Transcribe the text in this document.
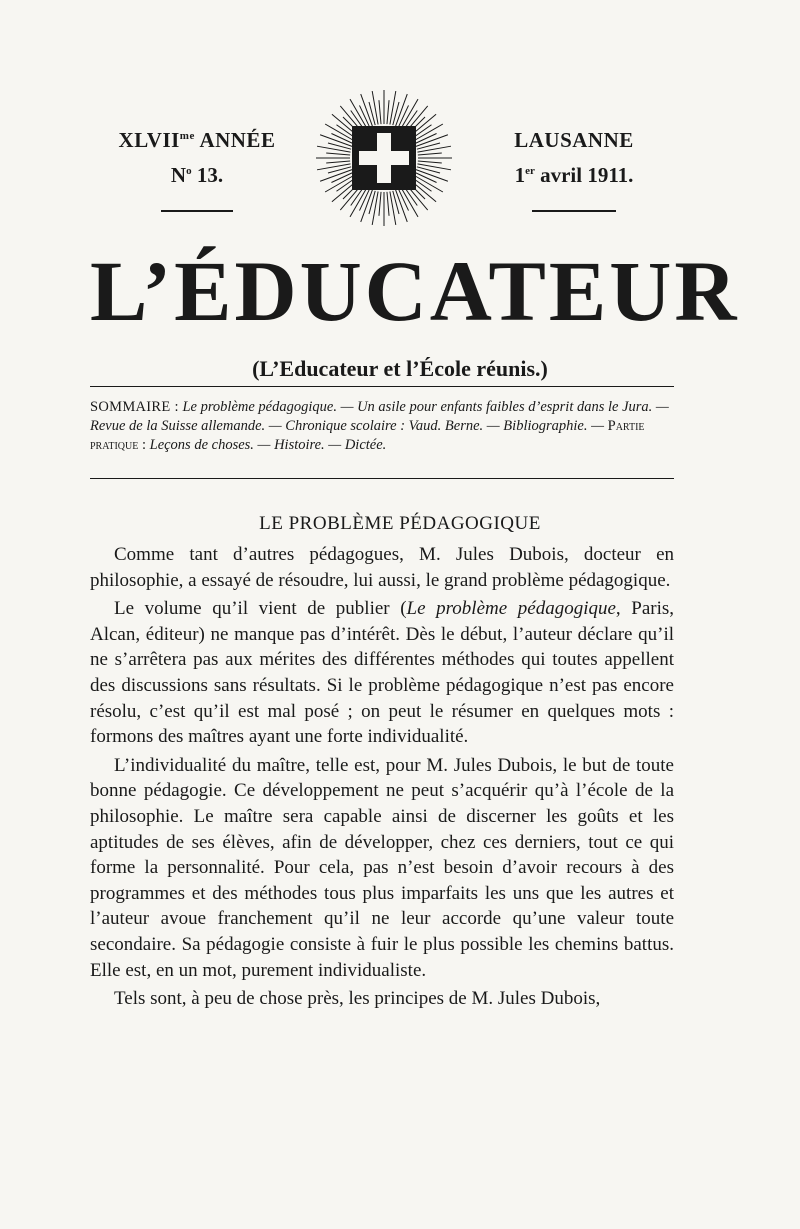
$XLVII^{me}$ ANNÉE
$N^o$ 13.
LAUSANNE
1er avril 1911.
L’ÉDUCATEUR
(L’Educateur et l’École réunis.)
SOMMAIRE : Le problème pédagogique. — Un asile pour enfants faibles d’esprit dans le Jura. — Revue de la Suisse allemande. — Chronique scolaire : Vaud. Berne. — Bibliographie. — Partie pratique : Leçons de choses. — Histoire. — Dictée.
LE PROBLÈME PÉDAGOGIQUE

Comme tant d’autres pédagogues, M. Jules Dubois, docteur en philosophie, a essayé de résoudre, lui aussi, le grand problème pédagogique.

Le volume qu’il vient de publier (Le problème pédagogique, Paris, Alcan, éditeur) ne manque pas d’intérêt. Dès le début, l’auteur déclare qu’il ne s’arrêtera pas aux mérites des différentes méthodes qui toutes appellent des discussions sans résultats. Si le problème pédagogique n’est pas encore résolu, c’est qu’il est mal posé ; on peut le résumer en quelques mots : formons des maîtres ayant une forte individualité.

L’individualité du maître, telle est, pour M. Jules Dubois, le but de toute bonne pédagogie. Ce développement ne peut s’acquérir qu’à l’école de la philosophie. Le maître sera capable ainsi de discerner les goûts et les aptitudes de ses élèves, afin de développer, chez ces derniers, tout ce qui forme la personnalité. Pour cela, pas n’est besoin d’avoir recours à des programmes et des méthodes tous plus imparfaits les uns que les autres et l’auteur avoue franchement qu’il ne leur accorde qu’une valeur toute secondaire. Sa pédagogie consiste à fuir le plus possible les chemins battus. Elle est, en un mot, purement individualiste.

Tels sont, à peu de chose près, les principes de M. Jules Dubois,
